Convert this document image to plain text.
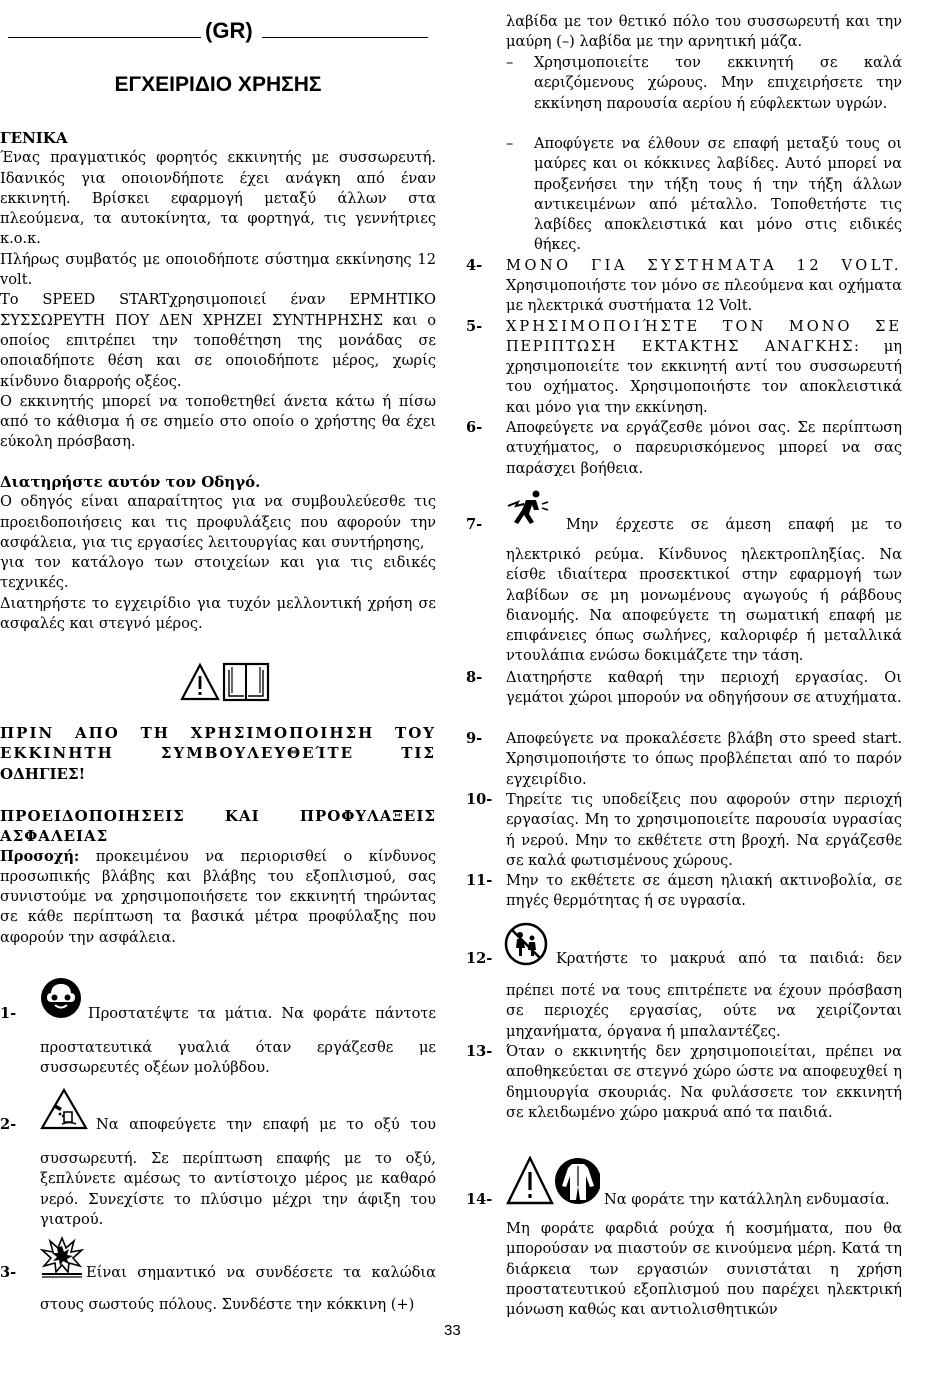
(GR)
ΕΓΧΕΙΡΙΔΙΟ ΧΡΗΣΗΣ
ΓΕΝΙΚΑ

Ένας πραγματικός φορητός εκκινητής με συσσωρευτή. Ιδανικός για οποιονδήποτε έχει ανάγκη από έναν εκκινητή. Βρίσκει εφαρμογή μεταξύ άλλων στα πλεούμενα, τα αυτοκίνητα, τα φορτηγά, τις γεννήτριες κ.ο.κ.

Πλήρως συμβατός με οποιοδήποτε σύστημα εκκίνησης 12 volt.

Το SPEED STARTχρησιμοποιεί έναν ΕΡΜΗΤΙΚΟ ΣΥΣΣΩΡΕΥΤΗ ΠΟΥ ΔΕΝ ΧΡΗΖΕΙ ΣΥΝΤΗΡΗΣΗΣ και ο οποίος επιτρέπει την τοποθέτηση της μονάδας σε οποιαδήποτε θέση και σε οποιοδήποτε μέρος, χωρίς κίνδυνο διαρροής οξέος.

Ο εκκινητής μπορεί να τοποθετηθεί άνετα κάτω ή πίσω από το κάθισμα ή σε σημείο στο οποίο ο χρήστης θα έχει εύκολη πρόσβαση.

Διατηρήστε αυτόν τον Οδηγό.

Ο οδηγός είναι απαραίτητος για να συμβουλεύεσθε τις προειδοποιήσεις και τις προφυλάξεις που αφορούν την ασφάλεια, για τις εργασίες λειτουργίας και συντήρησης,

για τον κατάλογο των στοιχείων και για τις ειδικές τεχνικές.

Διατηρήστε το εγχειρίδιο για τυχόν μελλοντική χρήση σε ασφαλές και στεγνό μέρος.

ΠΡΙΝ ΑΠΟ ΤΗ ΧΡΗΣΙΜΟΠΟΙΗΣΗ ΤΟΥ
ΕΚΚΙΝΗΤΗ ΣΥΜΒΟΥΛΕΥΘΕΊΤΕ ΤΙΣ
ΟΔΗΓΙΕΣ!
ΠΡΟΕΙΔΟΠΟΙΗΣΕΙΣ ΚΑΙ ΠΡΟΦΥΛΑΞΕΙΣ
ΑΣΦΑΛΕΙΑΣ

Προσοχή: προκειμένου να περιορισθεί ο κίνδυνος προσωπικής βλάβης και βλάβης του εξοπλισμού, σας συνιστούμε να χρησιμοποιήσετε τον εκκινητή τηρώντας σε κάθε περίπτωση τα βασικά μέτρα προφύλαξης που αφορούν την ασφάλεια.

1-	Προστατέψτε τα μάτια. Να φοράτε πάντοτε

προστατευτικά γυαλιά όταν εργάζεσθε με συσσωρευτές οξέων μολύβδου.

2-	Να αποφεύγετε την επαφή με το οξύ του

συσσωρευτή. Σε περίπτωση επαφής με το οξύ, ξεπλύνετε αμέσως το αντίστοιχο μέρος με καθαρό νερό. Συνεχίστε το πλύσιμο μέχρι την άφιξη του γιατρού.

3-	Είναι σημαντικό να συνδέσετε τα καλώδια

στους σωστούς πόλους. Συνδέστε την κόκκινη (+)

λαβίδα με τον θετικό πόλο του συσσωρευτή και την μαύρη (–) λαβίδα με την αρνητική μάζα.

– Χρησιμοποιείτε τον εκκινητή σε καλά αεριζόμενους χώρους. Μην επιχειρήσετε την εκκίνηση παρουσία αερίου ή εύφλεκτων υγρών.

– Αποφύγετε να έλθουν σε επαφή μεταξύ τους οι μαύρες και οι κόκκινες λαβίδες. Αυτό μπορεί να προξενήσει την τήξη τους ή την τήξη άλλων αντικειμένων από μέταλλο. Τοποθετήστε τις λαβίδες αποκλειστικά και μόνο στις ειδικές θήκες.

4- ΜΟΝΟ ΓΙΑ ΣΥΣΤΗΜΑΤΑ 12 VOLT.

Χρησιμοποιήστε τον μόνο σε πλεούμενα και οχήματα με ηλεκτρικά συστήματα 12 Volt.

5- ΧΡΗΣΙΜΟΠΟΙΉΣΤΕ ΤΟΝ ΜΟΝΟ ΣΕ

ΠΕΡΙΠΤΩΣΗ ΕΚΤΑΚΤΗΣ ΑΝΑΓΚΗΣ: μη

χρησιμοποιείτε τον εκκινητή αντί του συσσωρευτή του οχήματος. Χρησιμοποιήστε τον αποκλειστικά και μόνο για την εκκίνηση.

6- Αποφεύγετε να εργάζεσθε μόνοι σας. Σε περίπτωση ατυχήματος, ο παρευρισκόμενος μπορεί να σας παράσχει βοήθεια.

7-	Μην έρχεστε σε άμεση επαφή με το

ηλεκτρικό ρεύμα. Κίνδυνος ηλεκτροπληξίας. Να είσθε ιδιαίτερα προσεκτικοί στην εφαρμογή των λαβίδων σε μη μονωμένους αγωγούς ή ράβδους διανομής. Να αποφεύγετε τη σωματική επαφή με επιφάνειες όπως σωλήνες, καλοριφέρ ή μεταλλικά ντουλάπια ενώσω δοκιμάζετε την τάση.

8- Διατηρήστε καθαρή την περιοχή εργασίας. Οι γεμάτοι χώροι μπορούν να οδηγήσουν σε ατυχήματα.

9- Αποφεύγετε να προκαλέσετε βλάβη στο speed start. Χρησιμοποιήστε το όπως προβλέπεται από το παρόν εγχειρίδιο.

10- Τηρείτε τις υποδείξεις που αφορούν στην περιοχή εργασίας. Μη το χρησιμοποιείτε παρουσία υγρασίας ή νερού. Μην το εκθέτετε στη βροχή. Να εργάζεσθε σε καλά φωτισμένους χώρους.

11- Μην το εκθέτετε σε άμεση ηλιακή ακτινοβολία, σε πηγές θερμότητας ή σε υγρασία.

12-	Κρατήστε το μακρυά από τα παιδιά: δεν

πρέπει ποτέ να τους επιτρέπετε να έχουν πρόσβαση σε περιοχές εργασίας, ούτε να χειρίζονται μηχανήματα, όργανα ή μπαλαντέζες.

13- Όταν ο εκκινητής δεν χρησιμοποιείται, πρέπει να αποθηκεύεται σε στεγνό χώρο ώστε να αποφευχθεί η δημιουργία σκουριάς. Να φυλάσσετε τον εκκινητή σε κλειδωμένο χώρο μακρυά από τα παιδιά.

14-	Να φοράτε την κατάλληλη ενδυμασία.

Μη φοράτε φαρδιά ρούχα ή κοσμήματα, που θα μπορούσαν να πιαστούν σε κινούμενα μέρη. Κατά τη διάρκεια των εργασιών συνιστάται η χρήση προστατευτικού εξοπλισμού που παρέχει ηλεκτρική μόνωση καθώς και αντιολισθητικών

33
